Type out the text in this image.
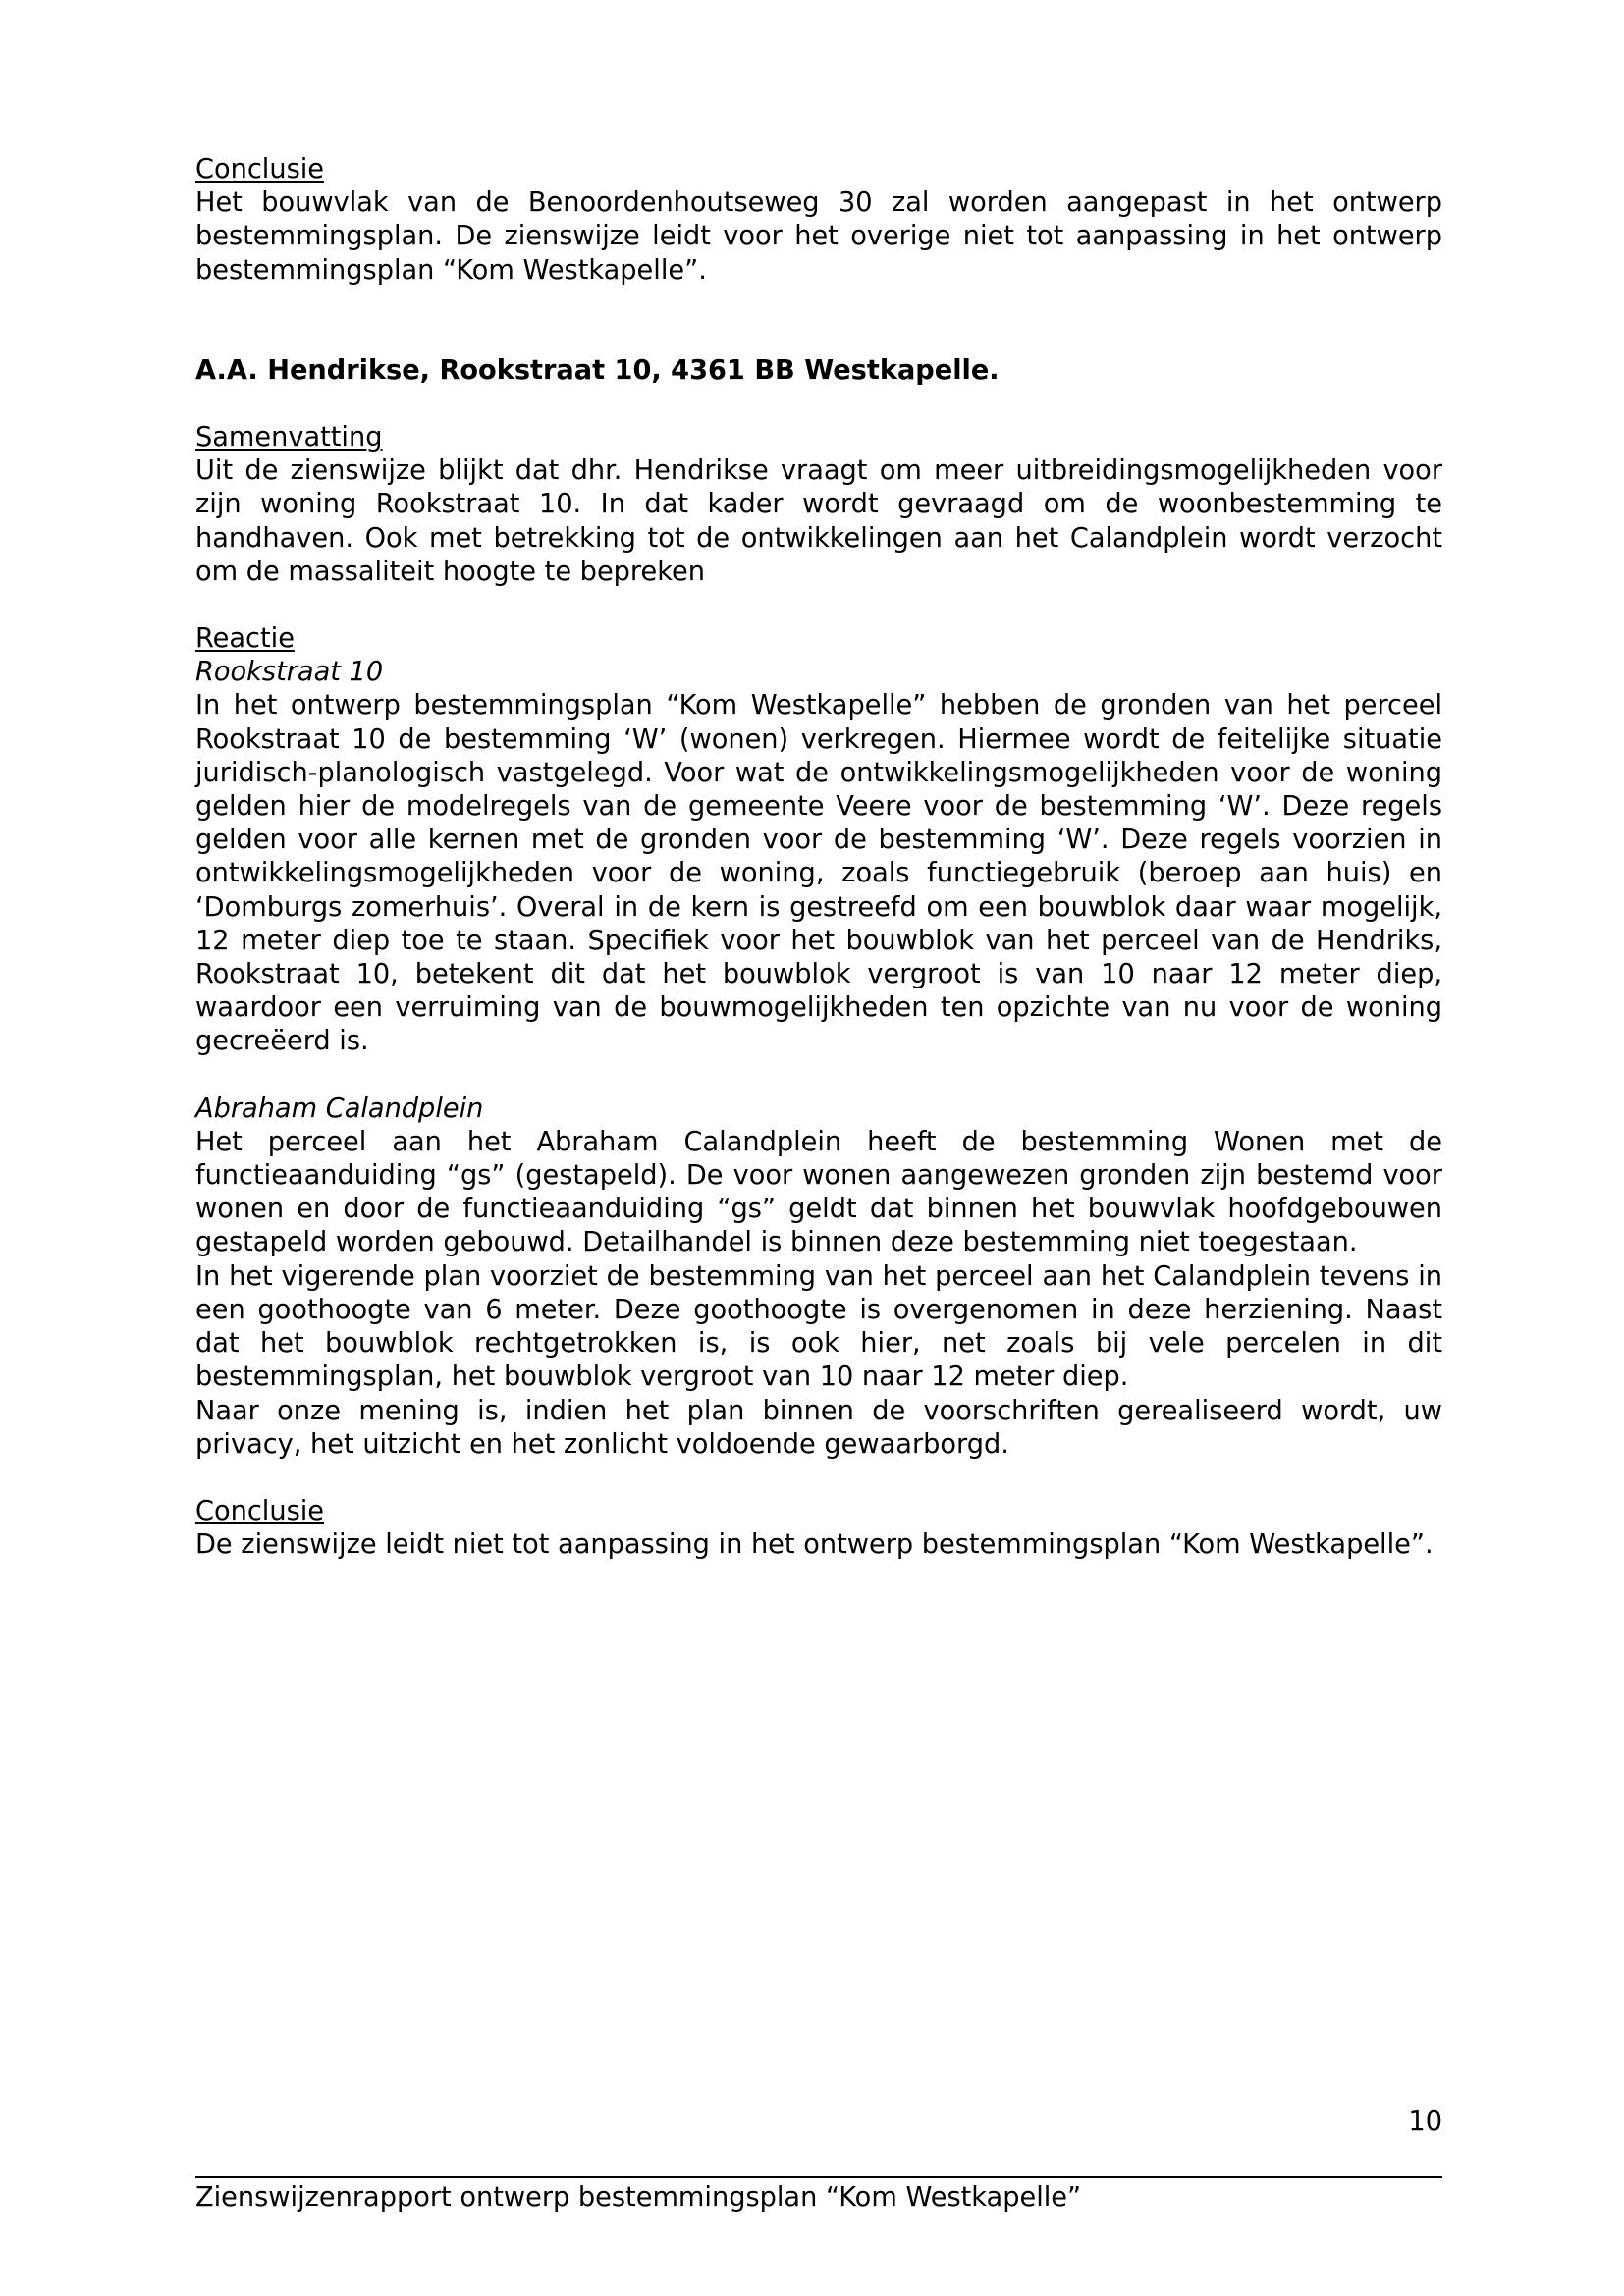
Conclusie

Het bouwvlak van de Benoordenhoutseweg 30 zal worden aangepast in het ontwerp bestemmingsplan. De zienswijze leidt voor het overige niet tot aanpassing in het ontwerp bestemmingsplan “Kom Westkapelle”.

A.A. Hendrikse, Rookstraat 10, 4361 BB Westkapelle.

Samenvatting

Uit de zienswijze blijkt dat dhr. Hendrikse vraagt om meer uitbreidingsmogelijkheden voor zijn woning Rookstraat 10. In dat kader wordt gevraagd om de woonbestemming te handhaven. Ook met betrekking tot de ontwikkelingen aan het Calandplein wordt verzocht om de massaliteit hoogte te bepreken

Reactie

Rookstraat 10

In het ontwerp bestemmingsplan “Kom Westkapelle” hebben de gronden van het perceel Rookstraat 10 de bestemming ‘W’ (wonen) verkregen. Hiermee wordt de feitelijke situatie juridisch-planologisch vastgelegd. Voor wat de ontwikkelingsmogelijkheden voor de woning gelden hier de modelregels van de gemeente Veere voor de bestemming ‘W’. Deze regels gelden voor alle kernen met de gronden voor de bestemming ‘W’. Deze regels voorzien in ontwikkelingsmogelijkheden voor de woning, zoals functiegebruik (beroep aan huis) en ‘Domburgs zomerhuis’. Overal in de kern is gestreefd om een bouwblok daar waar mogelijk, 12 meter diep toe te staan. Specifiek voor het bouwblok van het perceel van de Hendriks, Rookstraat 10, betekent dit dat het bouwblok vergroot is van 10 naar 12 meter diep, waardoor een verruiming van de bouwmogelijkheden ten opzichte van nu voor de woning gecreëerd is.

Abraham Calandplein

Het perceel aan het Abraham Calandplein heeft de bestemming Wonen met de functieaanduiding “gs” (gestapeld). De voor wonen aangewezen gronden zijn bestemd voor wonen en door de functieaanduiding “gs” geldt dat binnen het bouwvlak hoofdgebouwen gestapeld worden gebouwd. Detailhandel is binnen deze bestemming niet toegestaan.

In het vigerende plan voorziet de bestemming van het perceel aan het Calandplein tevens in een goothoogte van 6 meter. Deze goothoogte is overgenomen in deze herziening. Naast dat het bouwblok rechtgetrokken is, is ook hier, net zoals bij vele percelen in dit bestemmingsplan, het bouwblok vergroot van 10 naar 12 meter diep.

Naar onze mening is, indien het plan binnen de voorschriften gerealiseerd wordt, uw privacy, het uitzicht en het zonlicht voldoende gewaarborgd.

Conclusie

De zienswijze leidt niet tot aanpassing in het ontwerp bestemmingsplan “Kom Westkapelle”.

10
Zienswijzenrapport ontwerp bestemmingsplan “Kom Westkapelle”
